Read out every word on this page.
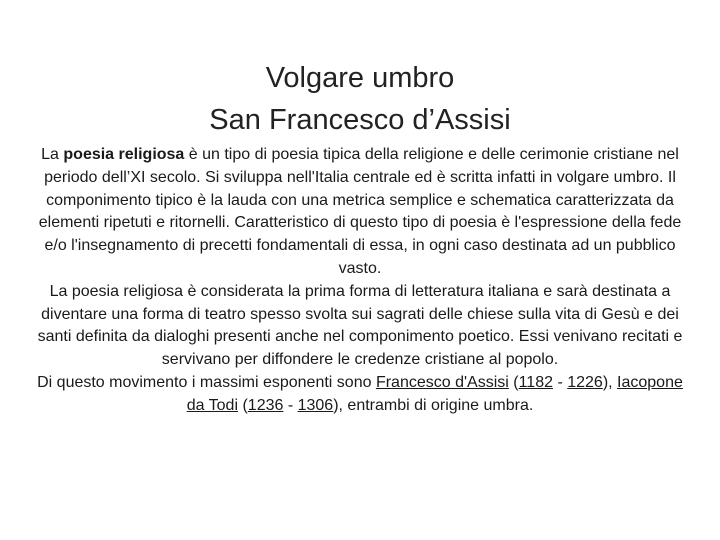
Volgare umbro
San Francesco d’Assisi

La poesia religiosa è un tipo di poesia tipica della religione e delle cerimonie cristiane nel periodo dell’XI secolo. Si sviluppa nell'Italia centrale ed è scritta infatti in volgare umbro. Il componimento tipico è la lauda con una metrica semplice e schematica caratterizzata da elementi ripetuti e ritornelli. Caratteristico di questo tipo di poesia è l'espressione della fede e/o l'insegnamento di precetti fondamentali di essa, in ogni caso destinata ad un pubblico vasto.

La poesia religiosa è considerata la prima forma di letteratura italiana e sarà destinata a diventare una forma di teatro spesso svolta sui sagrati delle chiese sulla vita di Gesù e dei santi definita da dialoghi presenti anche nel componimento poetico. Essi venivano recitati e servivano per diffondere le credenze cristiane al popolo.

Di questo movimento i massimi esponenti sono Francesco d'Assisi (1182 - 1226), Iacopone da Todi (1236 - 1306), entrambi di origine umbra.
